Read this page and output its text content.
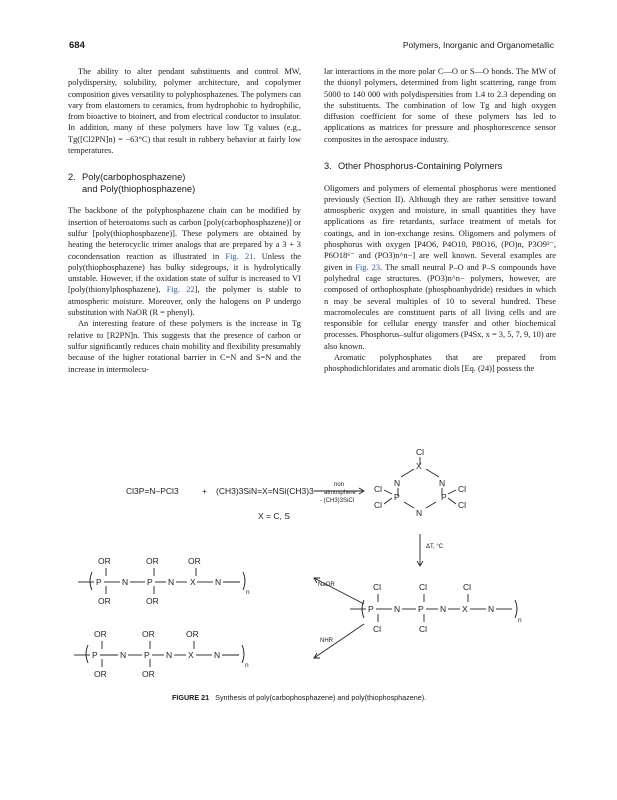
684	Polymers, Inorganic and Organometallic

The ability to alter pendant substituents and control MW, polydispersity, solubility, polymer architecture, and copolymer composition gives versatility to polyphosphazenes. The polymers can vary from elastomers to ceramics, from hydrophobic to hydrophilic, from bioactive to bioinert, and from electrical conductor to insulator. In addition, many of these polymers have low Tg values (e.g., Tg([Cl2PN]n) = −63°C) that result in rubbery behavior at fairly low temperatures.

2. Poly(carbophosphazene)
and Poly(thiophosphazene)

The backbone of the polyphosphazene chain can be modified by insertion of heteroatoms such as carbon [poly(carbophosphazene)] or sulfur [poly(thiophosphazene)]. These polymers are obtained by heating the heterocyclic trimer analogs that are prepared by a 3 + 3 cocondensation reaction as illustrated in Fig. 21. Unless the poly(thiophosphazene) has bulky sidegroups, it is hydrolytically unstable. However, if the oxidation state of sulfur is increased to VI [poly(thionylphosphazene), Fig. 22], the polymer is stable to atmospheric moisture. Moreover, only the halogens on P undergo substitution with NaOR (R = phenyl).

An interesting feature of these polymers is the increase in Tg relative to [R2PN]n. This suggests that the presence of carbon or sulfur significantly reduces chain mobility and flexibility presumably because of the higher rotational barrier in C=N and S=N and the increase in intermolecu-

lar interactions in the more polar C—O or S—O bonds. The MW of the thionyl polymers, determined from light scattering, range from 5000 to 140 000 with polydispersities from 1.4 to 2.3 depending on the substituents. The combination of low Tg and high oxygen diffusion coefficient for some of these polymers has led to applications as matrices for pressure and phosphorescence sensor composites in the aerospace industry.

3. Other Phosphorus-Containing Polymers

Oligomers and polymers of elemental phosphorus were mentioned previously (Section II). Although they are rather sensitive toward atmospheric oxygen and moisture, in small quantities they have applications as fire retardants, surface treatment of metals for coatings, and in ion-exchange resins. Oligomers and polymers of phosphorus with oxygen [P4O6, P4O10, P8O16, (PO)n, P3O9³⁻, P6O18⁶⁻ and (PO3)n^n−] are well known. Several examples are given in Fig. 23. The small neutral P–O and P–S compounds have polyhedral cage structures. (PO3)n^n− polymers, however, are composed of orthophosphate (phosphoanhydride) residues in which n may be several multiples of 10 to several hundred. These macromolecules are constituent parts of all living cells and are responsible for cellular energy transfer and other biochemical processes. Phosphorus–sulfur oligomers (P4Sx, x = 3, 5, 7, 9, 10) are also known.

Aromatic polyphosphates that are prepared from phosphodichloridates and aromatic diols [Eq. (24)] possess the

Cl3P=N–PCl3	+ (CH3)3SiN=X=NSi(CH3)3
X = C, S
non
atmosphere
- (CH3)3SiCl
Cl
X
N	N
P	P
N
Cl
Cl
Cl
Cl
ΔT, °C
NaOR
NHR
OR	OR	OR
P N P N X N
n
OR	OR
OR	OR	OR
P	N P N X N
n
OR	OR
Cl	Cl	Cl
P N P N X N
n
Cl	Cl
FIGURE 21 Synthesis of poly(carbophosphazene) and poly(thiophosphazene).
